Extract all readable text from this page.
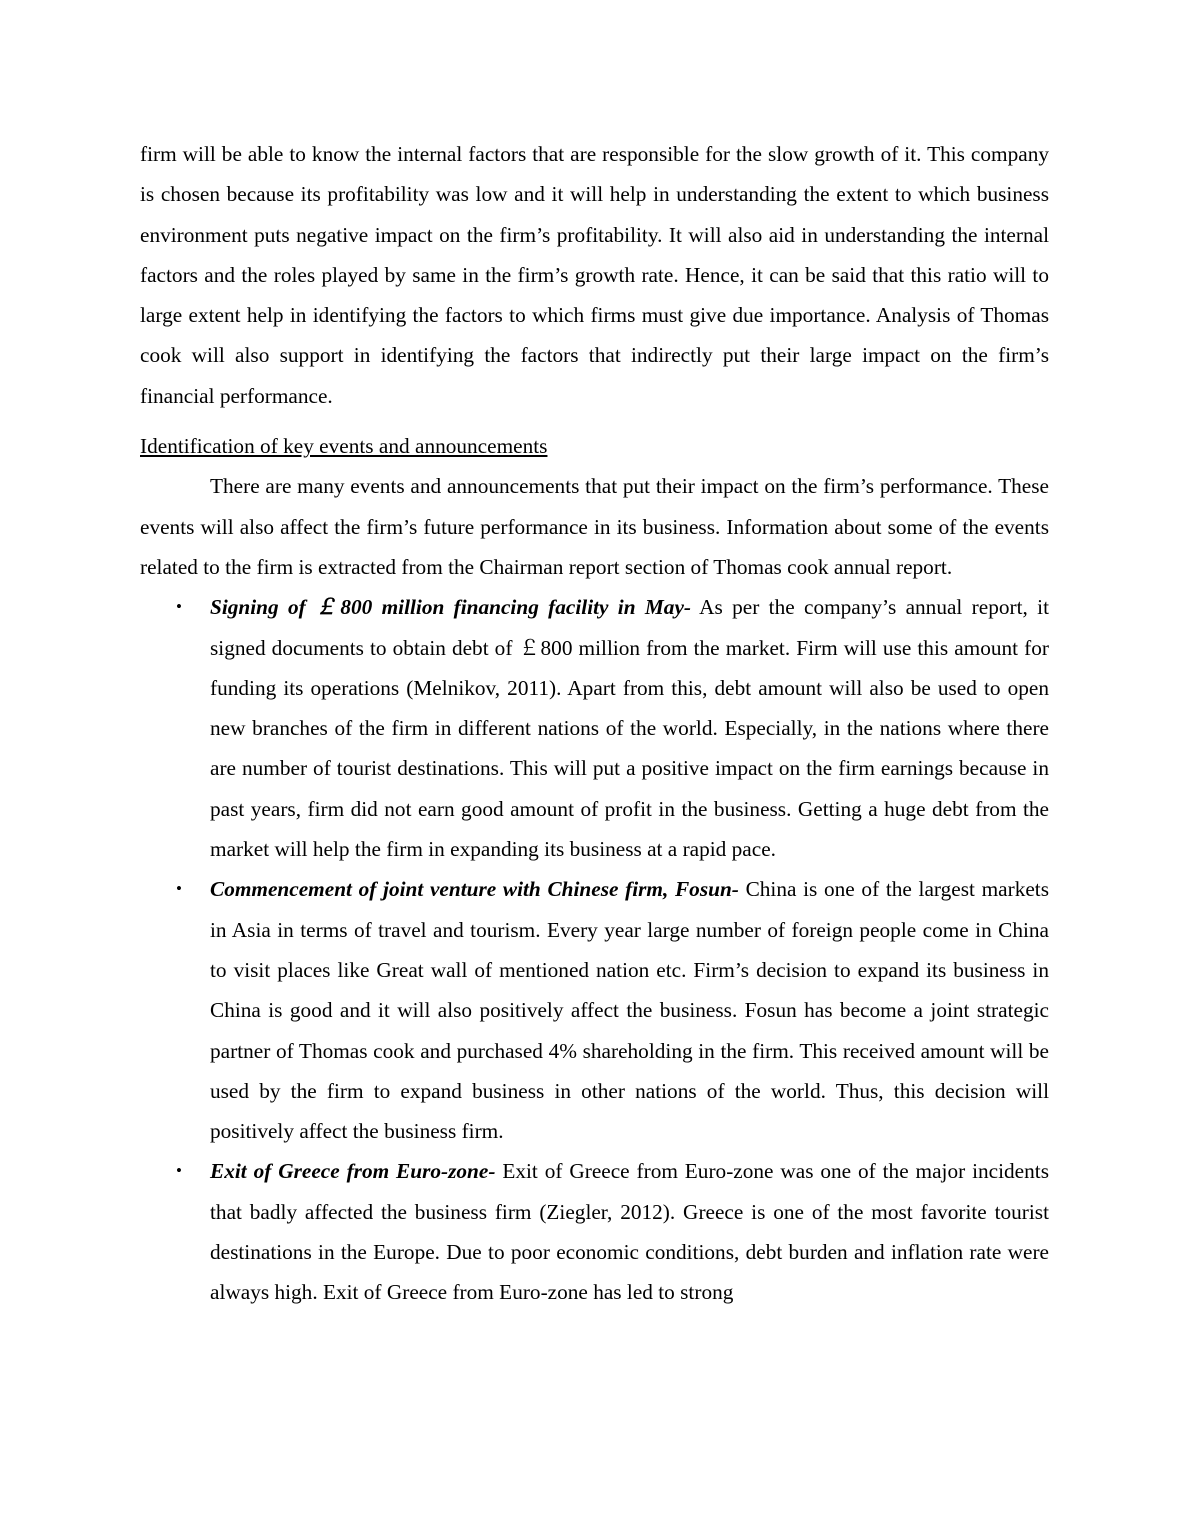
firm will be able to know the internal factors that are responsible for the slow growth of it. This company is chosen because its profitability was low and it will help in understanding the extent to which business environment puts negative impact on the firm’s profitability. It will also aid in understanding the internal factors and the roles played by same in the firm’s growth rate. Hence, it can be said that this ratio will to large extent help in identifying the factors to which firms must give due importance. Analysis of Thomas cook will also support in identifying the factors that indirectly put their large impact on the firm’s financial performance.

Identification of key events and announcements

There are many events and announcements that put their impact on the firm’s performance. These events will also affect the firm’s future performance in its business. Information about some of the events related to the firm is extracted from the Chairman report section of Thomas cook annual report.

• Signing of ￡800 million financing facility in May- As per the company’s annual report, it signed documents to obtain debt of ￡800 million from the market. Firm will use this amount for funding its operations (Melnikov, 2011). Apart from this, debt amount will also be used to open new branches of the firm in different nations of the world. Especially, in the nations where there are number of tourist destinations. This will put a positive impact on the firm earnings because in past years, firm did not earn good amount of profit in the business. Getting a huge debt from the market will help the firm in expanding its business at a rapid pace.
• Commencement of joint venture with Chinese firm, Fosun- China is one of the largest markets in Asia in terms of travel and tourism. Every year large number of foreign people come in China to visit places like Great wall of mentioned nation etc. Firm’s decision to expand its business in China is good and it will also positively affect the business. Fosun has become a joint strategic partner of Thomas cook and purchased 4% shareholding in the firm. This received amount will be used by the firm to expand business in other nations of the world. Thus, this decision will positively affect the business firm.
• Exit of Greece from Euro-zone- Exit of Greece from Euro-zone was one of the major incidents that badly affected the business firm (Ziegler, 2012). Greece is one of the most favorite tourist destinations in the Europe. Due to poor economic conditions, debt burden and inflation rate were always high. Exit of Greece from Euro-zone has led to strong
